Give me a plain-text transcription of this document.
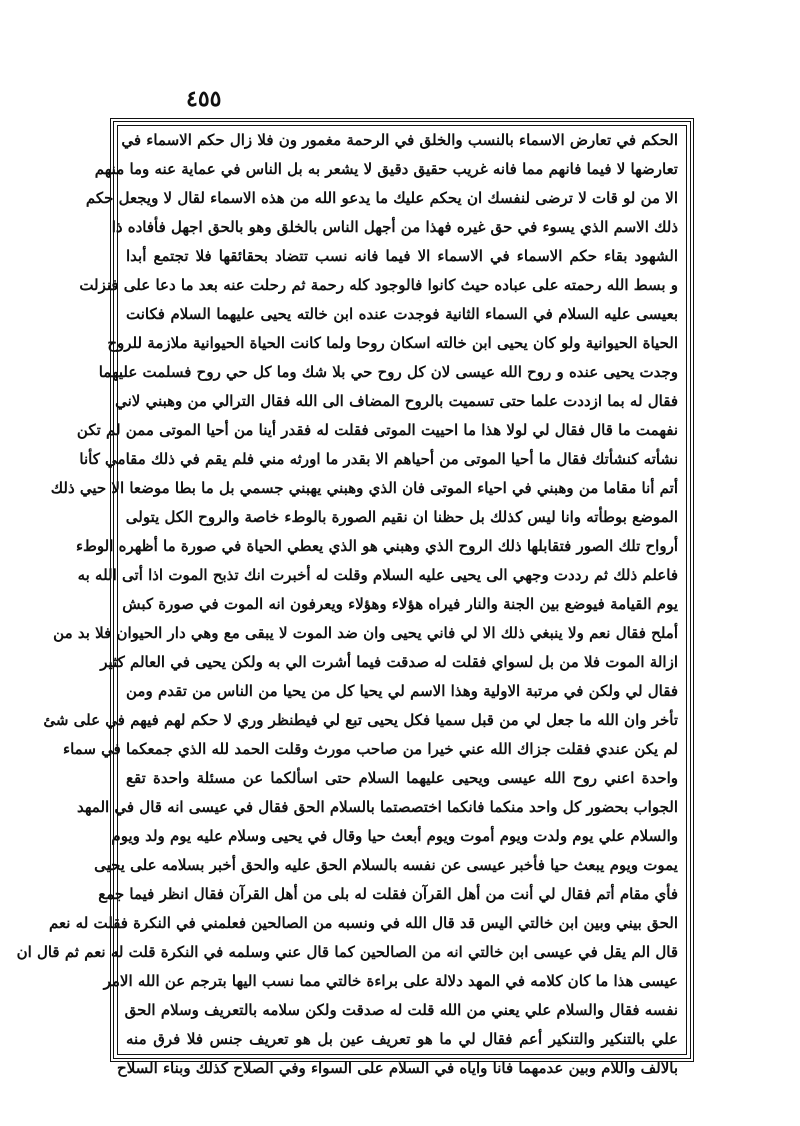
٤٥٥
الحكم في تعارض الاسماء بالنسب والخلق في الرحمة مغمور ون فلا زال حكم الاسماء في
تعارضها لا فيما فانهم مما فانه غريب حقيق دقيق لا يشعر به بل الناس في عماية عنه وما منهم
الا من لو قات لا ترضى لنفسك ان يحكم عليك ما يدعو الله من هذه الاسماء لقال لا ويجعل حكم
ذلك الاسم الذي يسوء في حق غيره فهذا من أجهل الناس بالخلق وهو بالحق اجهل فأفاده ذا
الشهود بقاء حكم الاسماء في الاسماء الا فيما فانه نسب تتضاد بحقائقها فلا تجتمع أبدا
و بسط الله رحمته على عباده حيث كانوا فالوجود كله رحمة ثم رحلت عنه بعد ما دعا على فنزلت
بعيسى عليه السلام في السماء الثانية فوجدت عنده ابن خالته يحيى عليهما السلام فكانت
الحياة الحيوانية ولو كان يحيى ابن خالته اسكان روحا ولما كانت الحياة الحيوانية ملازمة للروح
وجدت يحيى عنده و روح الله عيسى لان كل روح حي بلا شك وما كل حي روح فسلمت عليهما
فقال له بما ازددت علما حتى تسميت بالروح المضاف الى الله فقال الترالي من وهبني لاني
نفهمت ما قال فقال لي لولا هذا ما احييت الموتى فقلت له فقدر أينا من أحيا الموتى ممن لم تكن
نشأته كنشأتك فقال ما أحيا الموتى من أحياهم الا بقدر ما اورثه مني فلم يقم في ذلك مقامي كأنا
أتم أنا مقاما من وهبني في احياء الموتى فان الذي وهبني يهبني جسمي بل ما بطا موضعا الا حيي ذلك
الموضع بوطأته وانا ليس كذلك بل حظنا ان نقيم الصورة بالوطء خاصة والروح الكل يتولى
أرواح تلك الصور فتقابلها ذلك الروح الذي وهبني هو الذي يعطي الحياة في صورة ما أظهره الوطء
فاعلم ذلك ثم رددت وجهي الى يحيى عليه السلام وقلت له أخبرت انك تذبح الموت اذا أتى الله به
يوم القيامة فيوضع بين الجنة والنار فيراه هؤلاء وهؤلاء ويعرفون انه الموت في صورة كبش
أملح فقال نعم ولا ينبغي ذلك الا لي فاني يحيى وان ضد الموت لا يبقى مع وهي دار الحيوان فلا بد من
ازالة الموت فلا من بل لسواي فقلت له صدقت فيما أشرت الي به ولكن يحيى في العالم كثير
فقال لي ولكن في مرتبة الاولية وهذا الاسم لي يحيا كل من يحيا من الناس من تقدم ومن
تأخر وان الله ما جعل لي من قبل سميا فكل يحيى تبع لي فيطنظر وري لا حكم لهم فيهم في على شئ
لم يكن عندي فقلت جزاك الله عني خيرا من صاحب مورث وقلت الحمد لله الذي جمعكما في سماء
واحدة اعني روح الله عيسى ويحيى عليهما السلام حتى اسألكما عن مسئلة واحدة تقع
الجواب بحضور كل واحد منكما فانكما اختصصتما بالسلام الحق فقال في عيسى انه قال في المهد
والسلام علي يوم ولدت ويوم أموت ويوم أبعث حيا وقال في يحيى وسلام عليه يوم ولد ويوم
يموت ويوم يبعث حيا فأخبر عيسى عن نفسه بالسلام الحق عليه والحق أخبر بسلامه على يحيى
فأي مقام أتم فقال لي أنت من أهل القرآن فقلت له بلى من أهل القرآن فقال انظر فيما جمع
الحق بيني وبين ابن خالتي اليس قد قال الله في ونسبه من الصالحين فعلمني في النكرة فقلت له نعم
قال الم يقل في عيسى ابن خالتي انه من الصالحين كما قال عني وسلمه في النكرة قلت له نعم ثم قال ان
عيسى هذا ما كان كلامه في المهد دلالة على براءة خالتي مما نسب اليها بترجم عن الله الامر
نفسه فقال والسلام علي يعني من الله قلت له صدقت ولكن سلامه بالتعريف وسلام الحق
علي بالتنكير والتنكير أعم فقال لي ما هو تعريف عين بل هو تعريف جنس فلا فرق منه
بالالف واللام وبين عدمهما فانا واياه في السلام على السواء وفي الصلاح كذلك وبناء السلاح
